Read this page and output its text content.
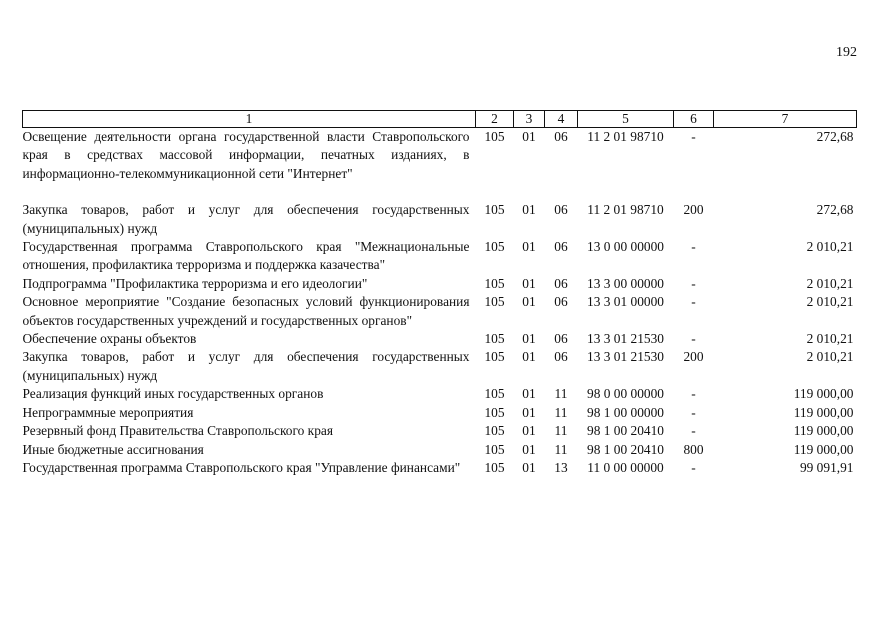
192
1	2	3	4	5	6	7
Освещение деятельности органа государственной власти Ставропольского края в средствах массовой информации, печатных изданиях, в информационно-телекоммуникационной сети "Интернет"	105	01	06	11 2 01 98710	-	272,68

Закупка товаров, работ и услуг для обеспечения государственных (муниципальных) нужд	105	01	06	11 2 01 98710	200	272,68
Государственная программа Ставропольского края "Межнациональные отношения, профилактика терроризма и поддержка казачества"	105	01	06	13 0 00 00000	-	2 010,21
Подпрограмма "Профилактика терроризма и его идеологии"	105	01	06	13 3 00 00000	-	2 010,21
Основное мероприятие "Создание безопасных условий функционирования объектов государственных учреждений и государственных органов"	105	01	06	13 3 01 00000	-	2 010,21
Обеспечение охраны объектов	105	01	06	13 3 01 21530	-	2 010,21
Закупка товаров, работ и услуг для обеспечения государственных (муниципальных) нужд	105	01	06	13 3 01 21530	200	2 010,21
Реализация функций иных государственных органов	105	01	11	98 0 00 00000	-	119 000,00
Непрограммные мероприятия	105	01	11	98 1 00 00000	-	119 000,00
Резервный фонд Правительства Ставропольского края	105	01	11	98 1 00 20410	-	119 000,00
Иные бюджетные ассигнования	105	01	11	98 1 00 20410	800	119 000,00
Государственная программа Ставропольского края "Управление финансами"	105	01	13	11 0 00 00000	-	99 091,91
